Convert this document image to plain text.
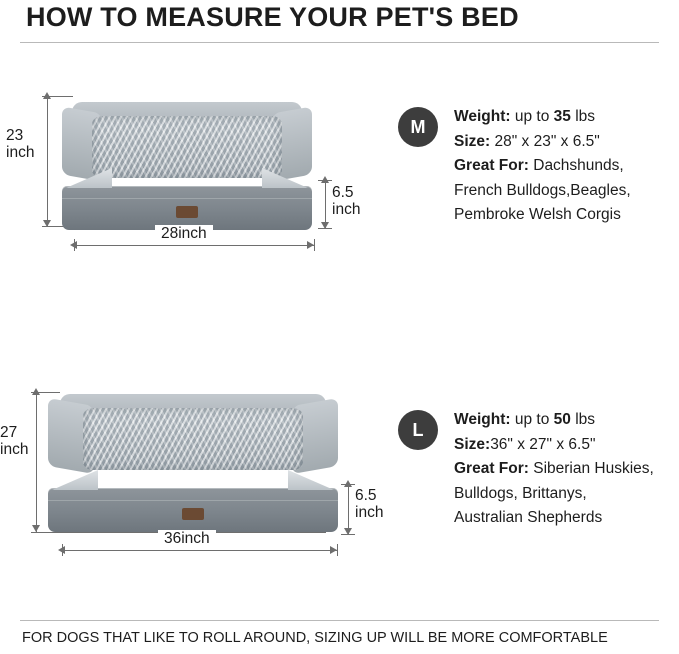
HOW TO MEASURE YOUR PET'S BED
23
inch
6.5
inch
28inch
M	Weight: up to 35 lbs
Size: 28" x 23" x 6.5"
Great For: Dachshunds,
French Bulldogs,Beagles,
Pembroke Welsh Corgis
27
inch
6.5
inch
36inch
L	Weight: up to 50 lbs
Size:36" x 27" x 6.5"
Great For: Siberian Huskies,
Bulldogs, Brittanys,
Australian Shepherds
FOR DOGS THAT LIKE TO ROLL AROUND, SIZING UP WILL BE MORE COMFORTABLE
